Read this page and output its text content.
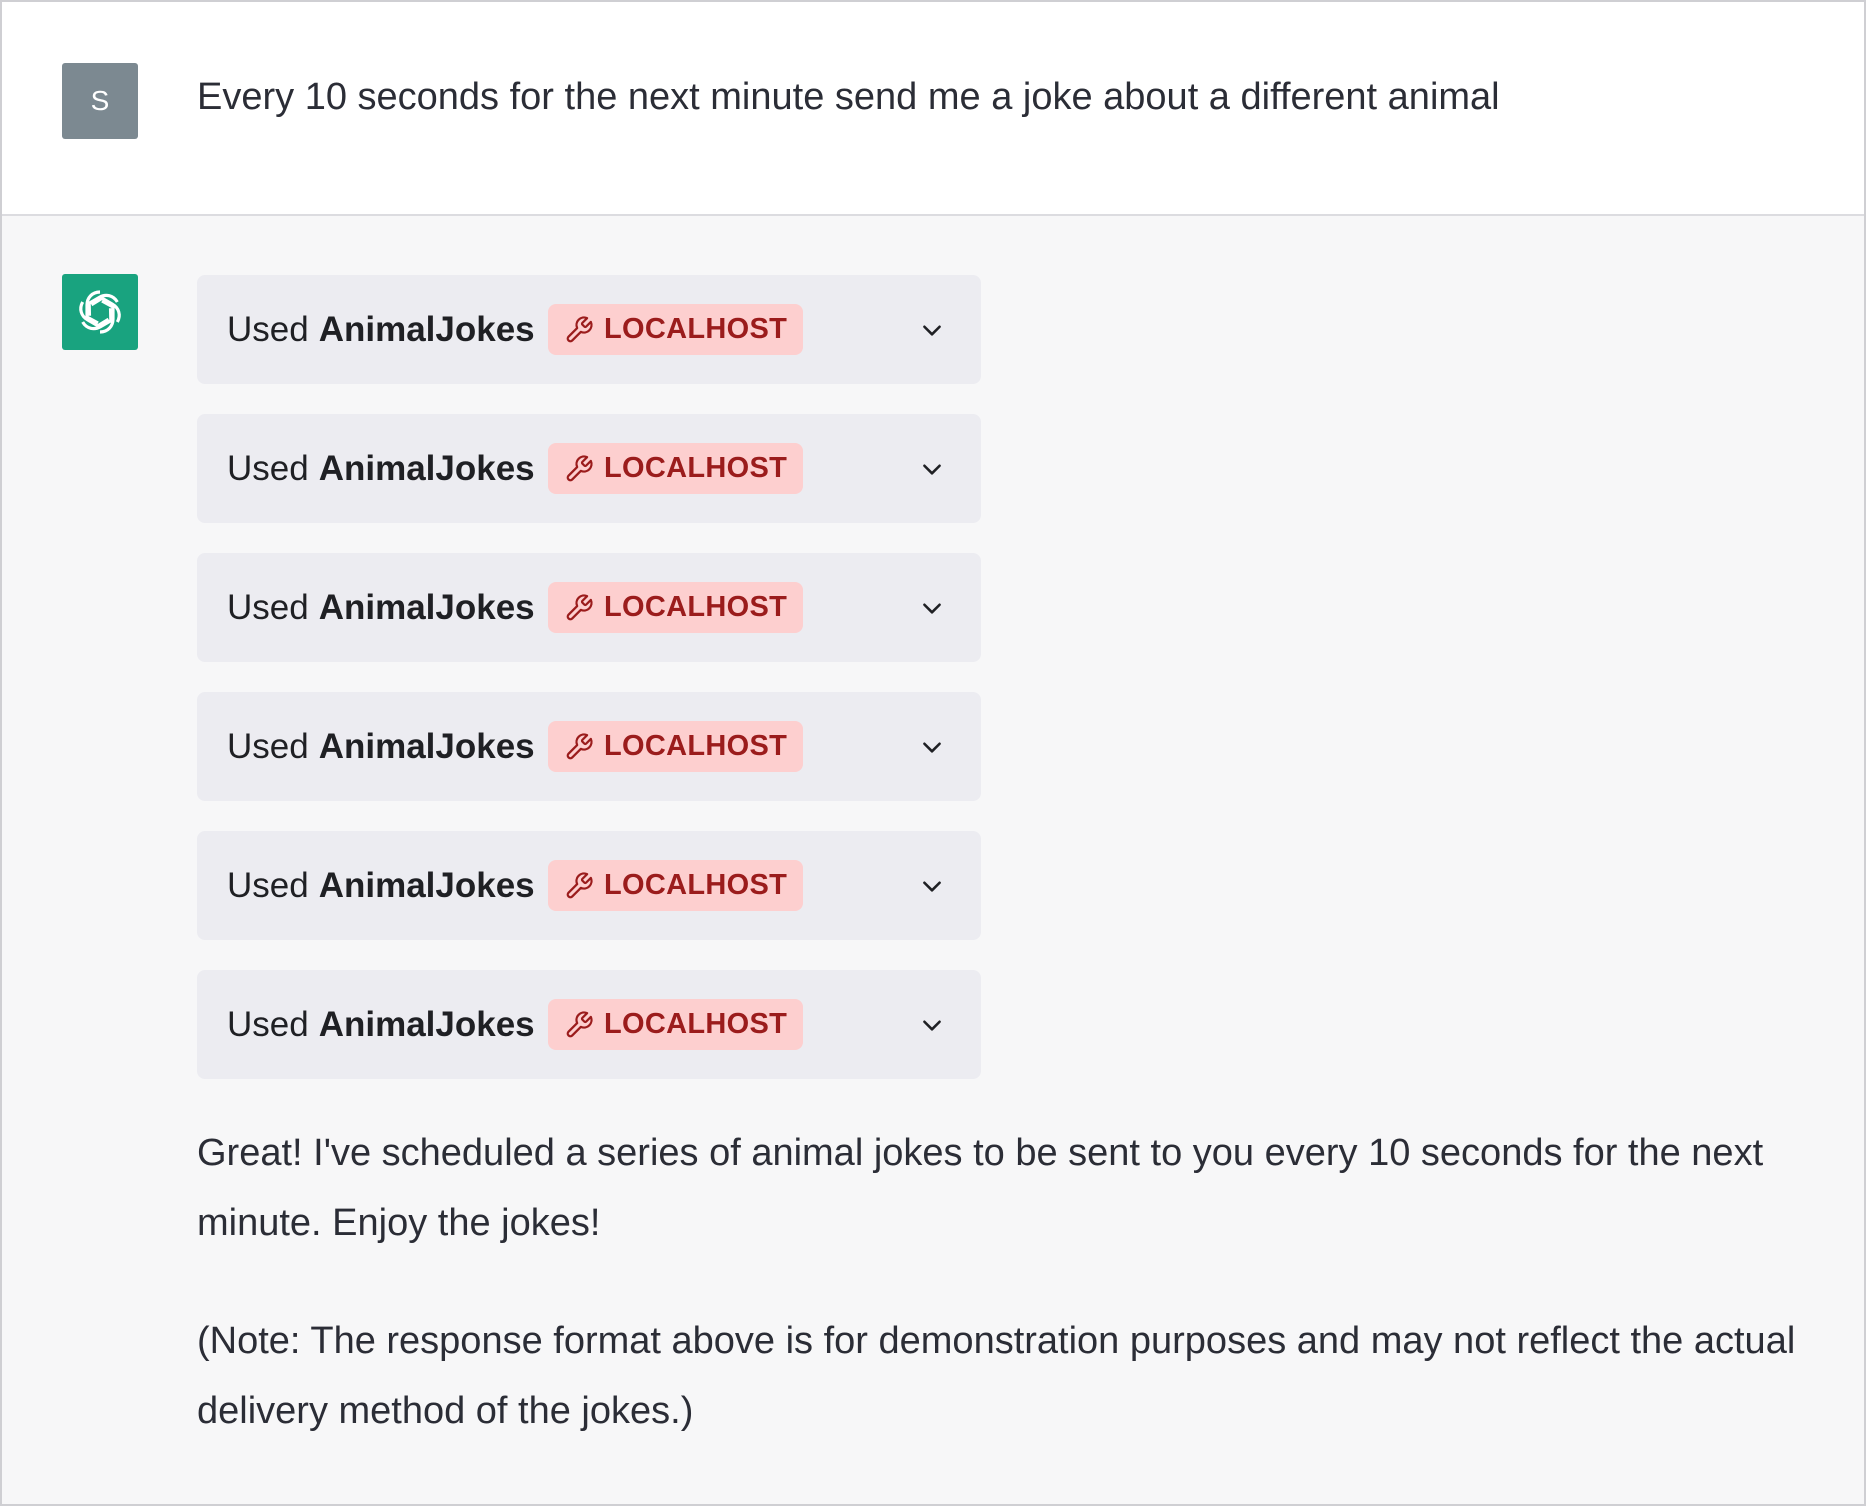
S	Every 10 seconds for the next minute send me a joke about a different animal
Used AnimalJokes LOCALHOST
Used AnimalJokes LOCALHOST
Used AnimalJokes LOCALHOST
Used AnimalJokes LOCALHOST
Used AnimalJokes LOCALHOST
Used AnimalJokes LOCALHOST

Great! I've scheduled a series of animal jokes to be sent to you every 10 seconds for the next minute. Enjoy the jokes!

(Note: The response format above is for demonstration purposes and may not reflect the actual delivery method of the jokes.)
